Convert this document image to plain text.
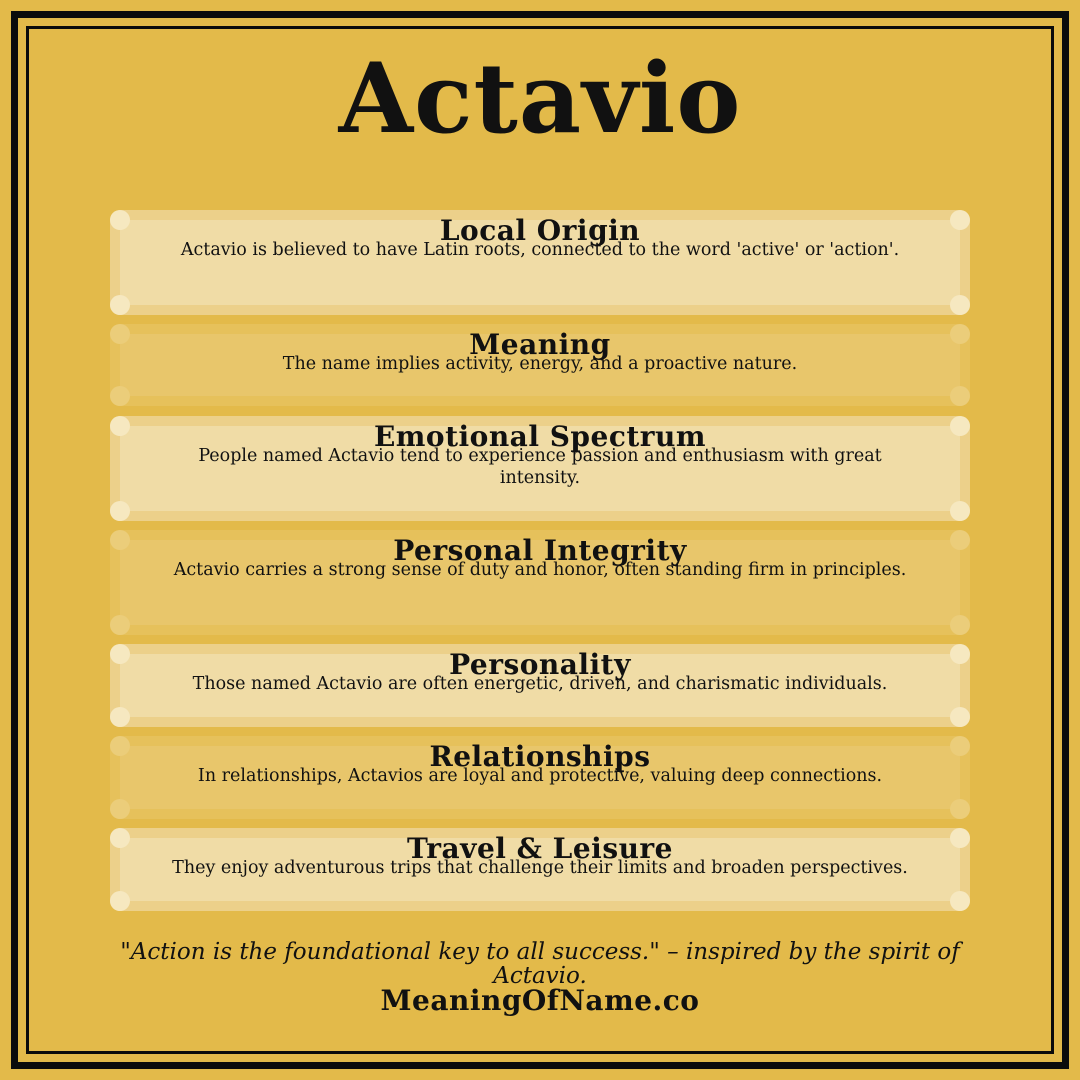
Actavio
Local Origin
Actavio is believed to have Latin roots, connected to the word 'active' or 'action'.
Meaning
The name implies activity, energy, and a proactive nature.
Emotional Spectrum
People named Actavio tend to experience passion and enthusiasm with great intensity.
Personal Integrity
Actavio carries a strong sense of duty and honor, often standing firm in principles.
Personality
Those named Actavio are often energetic, driven, and charismatic individuals.
Relationships
In relationships, Actavios are loyal and protective, valuing deep connections.
Travel & Leisure
They enjoy adventurous trips that challenge their limits and broaden perspectives.
"Action is the foundational key to all success." – inspired by the spirit of Actavio.
MeaningOfName.co
